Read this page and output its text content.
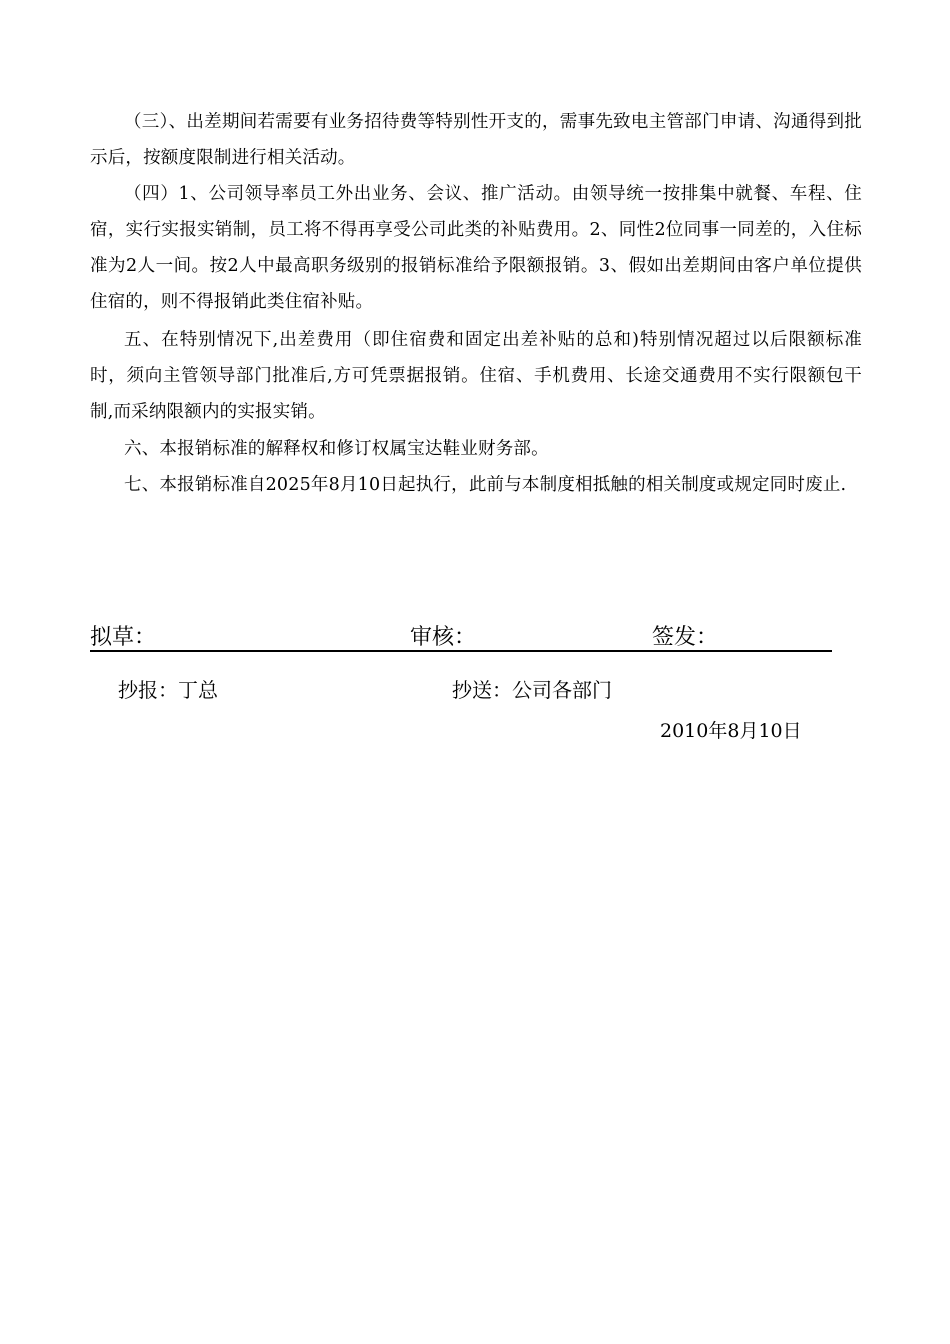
（三）、出差期间若需要有业务招待费等特别性开支的，需事先致电主管部门申请、沟通得到批示后，按额度限制进行相关活动。

（四）1、公司领导率员工外出业务、会议、推广活动。由领导统一按排集中就餐、车程、住宿，实行实报实销制，员工将不得再享受公司此类的补贴费用。2、同性2位同事一同差的，入住标准为2人一间。按2人中最高职务级别的报销标准给予限额报销。3、假如出差期间由客户单位提供住宿的，则不得报销此类住宿补贴。

五、在特别情况下,出差费用（即住宿费和固定出差补贴的总和)特别情况超过以后限额标准时，须向主管领导部门批准后,方可凭票据报销。住宿、手机费用、长途交通费用不实行限额包干制,而采纳限额内的实报实销。

六、本报销标准的解释权和修订权属宝达鞋业财务部。

七、本报销标准自2025年8月10日起执行，此前与本制度相抵触的相关制度或规定同时废止.

拟草：	审核：	签发：
抄报：丁总	抄送：公司各部门
2010年8月10日
